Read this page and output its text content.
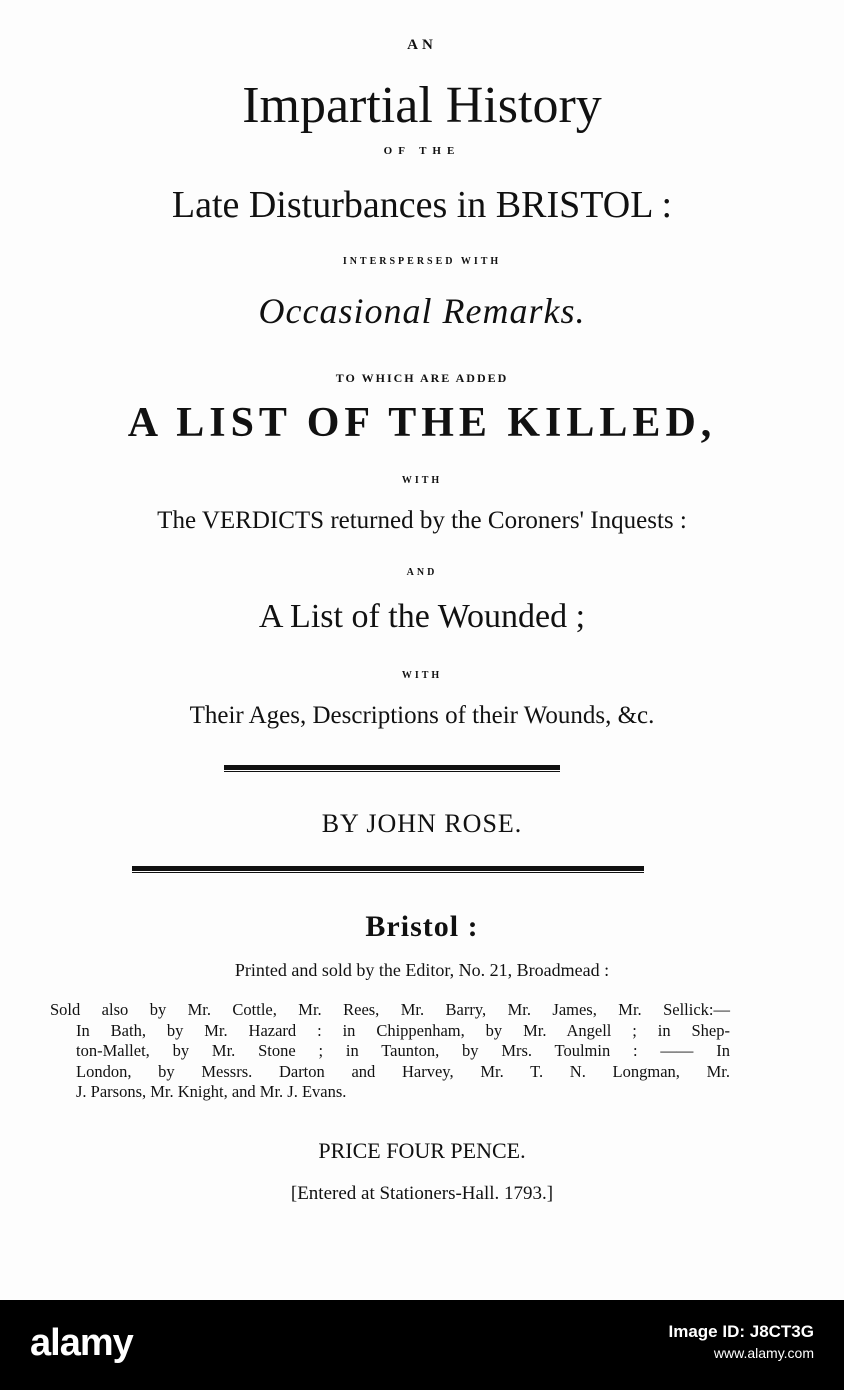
AN
Impartial History
OF THE
Late Disturbances in BRISTOL :
INTERSPERSED WITH
Occasional Remarks.
TO WHICH ARE ADDED
A LIST OF THE KILLED,
WITH
The VERDICTS returned by the Coroners' Inquests :
AND
A List of the Wounded ;
WITH
Their Ages, Descriptions of their Wounds, &c.
BY JOHN ROSE.
Bristol :
Printed and sold by the Editor, No. 21, Broadmead :
Sold also by Mr. Cottle, Mr. Rees, Mr. Barry, Mr. James, Mr. Sellick:—
In Bath, by Mr. Hazard : in Chippenham, by Mr. Angell ; in Shep-
ton-Mallet, by Mr. Stone ; in Taunton, by Mrs. Toulmin : —— In
London, by Messrs. Darton and Harvey, Mr. T. N. Longman, Mr.
J. Parsons, Mr. Knight, and Mr. J. Evans.
PRICE FOUR PENCE.
[Entered at Stationers-Hall. 1793.]
alamy	Image ID: J8CT3G
www.alamy.com
